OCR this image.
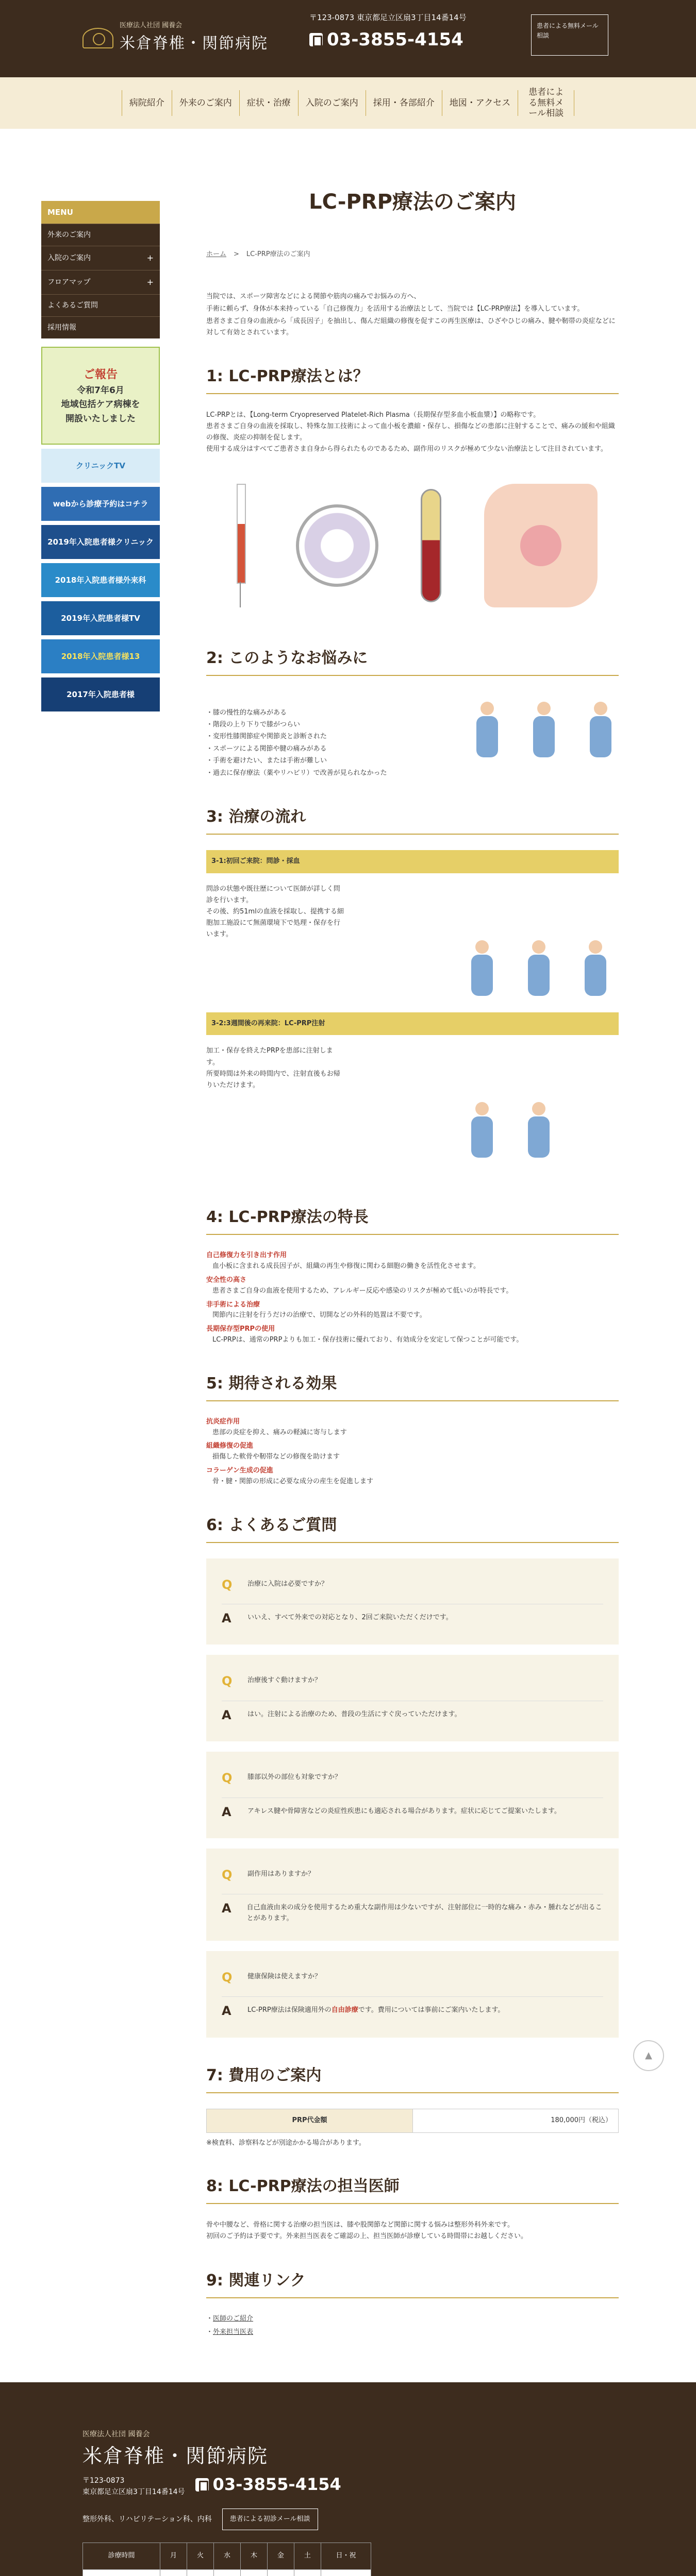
医療法人社団 國養会
米倉脊椎・関節病院
〒123-0873 東京都足立区扇3丁目14番14号
03-3855-4154
患者による無料メール相談
病院紹介	外来のご案内	症状・治療	入院のご案内	採用・各部紹介	地図・アクセス
患者による無料メール相談
MENU
外来のご案内
入院のご案内	+
フロアマップ	+
よくあるご質問
採用情報
ご報告
令和7年6月
地域包括ケア病棟を
開設いたしました
クリニックTV
webから診療予約はコチラ
2019年入院患者様クリニック
2018年入院患者様外来科
2019年入院患者様TV
2018年入院患者様13
2017年入院患者様
LC-PRP療法のご案内
ホーム > LC-PRP療法のご案内

当院では、スポーツ障害などによる関節や筋肉の痛みでお悩みの方へ、

手術に頼らず、身体が本来持っている「自己修復力」を活用する治療法として、当院では【LC-PRP療法】を導入しています。

患者さまご自身の血液から「成長因子」を抽出し、傷んだ組織の修復を促すこの再生医療は、ひざやひじの痛み、腱や靭帯の炎症などに対して有効とされています。

1: LC-PRP療法とは？

LC-PRPとは、【Long-term Cryopreserved Platelet-Rich Plasma（長期保存型多血小板血漿）】の略称です。

患者さまご自身の血液を採取し、特殊な加工技術によって血小板を濃縮・保存し、損傷などの患部に注射することで、痛みの緩和や組織の修復、炎症の抑制を促します。

使用する成分はすべてご患者さま自身から得られたものであるため、副作用のリスクが極めて少ない治療法として注目されています。

2: このようなお悩みに
・ 膝の慢性的な痛みがある
・ 階段の上り下りで膝がつらい
・ 変形性膝関節症や関節炎と診断された
・ スポーツによる関節や腱の痛みがある
・ 手術を避けたい、または手術が難しい
・ 過去に保存療法（薬やリハビリ）で改善が見られなかった
3: 治療の流れ
3-1:初回ご来院：問診・採血

問診の状態や既往歴について医師が詳しく問診を行います。

その後、約51mlの血液を採取し、提携する細胞加工施設にて無菌環境下で処理・保存を行います。

3-2:3週間後の再来院：LC-PRP注射

加工・保存を終えたPRPを患部に注射します。

所要時間は外来の時間内で、注射直後もお帰りいただけます。

4: LC-PRP療法の特長
自己修復力を引き出す作用
血小板に含まれる成長因子が、組織の再生や修復に関わる細胞の働きを活性化させます。
安全性の高さ
患者さまご自身の血液を使用するため、アレルギー反応や感染のリスクが極めて低いのが特長です。
非手術による治療
関節内に注射を行うだけの治療で、切開などの外科的処置は不要です。
長期保存型PRPの使用
LC-PRPは、通常のPRPよりも加工・保存技術に優れており、有効成分を安定して保つことが可能です。
5: 期待される効果
抗炎症作用
患部の炎症を抑え、痛みの軽減に寄与します
組織修復の促進
損傷した軟骨や靭帯などの修復を助けます
コラーゲン生成の促進
骨・腱・関節の形成に必要な成分の産生を促進します
6: よくあるご質問
Q 治療に入院は必要ですか？
A いいえ、すべて外来での対応となり、2回ご来院いただくだけです。
Q 治療後すぐ動けますか？
A はい。注射による治療のため、普段の生活にすぐ戻っていただけます。
Q 膝部以外の部位も対象ですか？
A アキレス腱や骨障害などの炎症性疾患にも適応される場合があります。症状に応じてご提案いたします。
Q 副作用はありますか？
A 自己血液由来の成分を使用するため重大な副作用は少ないですが、注射部位に一時的な痛み・赤み・腫れなどが出ることがあります。
Q 健康保険は使えますか？
A LC-PRP療法は保険適用外の自由診療です。費用については事前にご案内いたします。
7: 費用のご案内
PRP代金額	180,000円（税込）

※検査料、診察料などが別途かかる場合があります。

8: LC-PRP療法の担当医師

骨や中腰など、骨格に関する治療の担当医は、膝や股関節など関節に関する悩みは整形外科外来です。

初回のご予約は予要です。外来担当医表をご確認の上、担当医師が診療している時間帯にお越しください。

9: 関連リンク
・ 医師のご紹介
・ 外来担当医表
▲
医療法人社団 國養会
米倉脊椎・関節病院
〒123-0873
東京都足立区扇3丁目14番14号 03-3855-4154
整形外科、リハビリテーション科、内科	患者による初診メール相談
診療時間	月	火	水	木	金	土	日・祝
